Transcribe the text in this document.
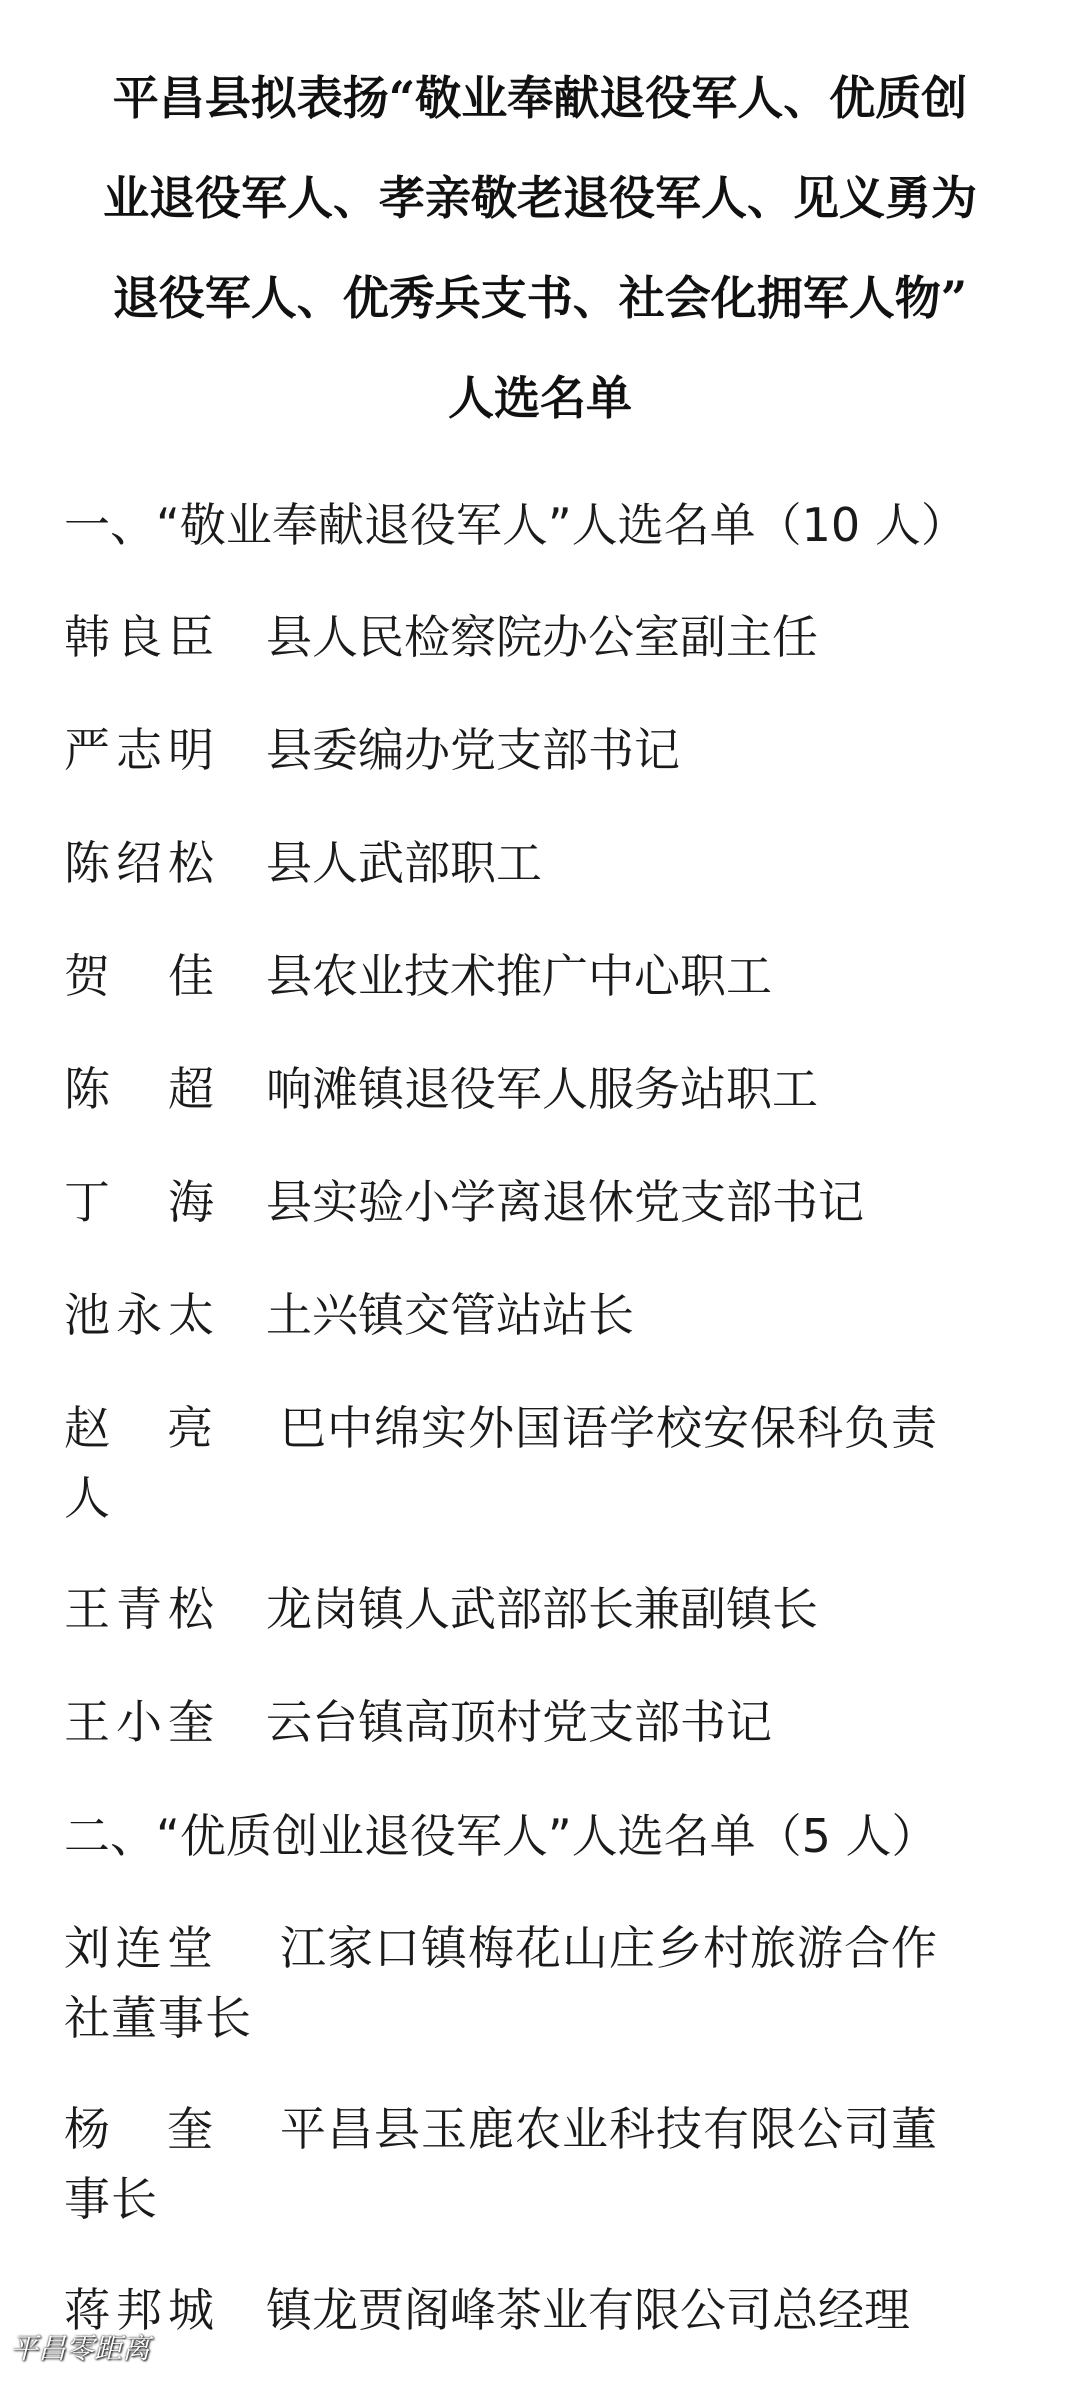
平昌县拟表扬“敬业奉献退役军人、优质创
业退役军人、孝亲敬老退役军人、见义勇为
退役军人、优秀兵支书、社会化拥军人物”
人选名单

一、“敬业奉献退役军人”人选名单（10 人）

韩良臣 县人民检察院办公室副主任
严志明 县委编办党支部书记
陈绍松 县人武部职工
贺佳 县农业技术推广中心职工
陈超 响滩镇退役军人服务站职工
丁海 县实验小学离退休党支部书记
池永太 土兴镇交管站站长
赵亮 巴中绵实外国语学校安保科负责
人
王青松 龙岗镇人武部部长兼副镇长
王小奎 云台镇高顶村党支部书记

二、“优质创业退役军人”人选名单（5 人）

刘连堂 江家口镇梅花山庄乡村旅游合作
社董事长
杨奎 平昌县玉鹿农业科技有限公司董
事长
蒋邦城 镇龙贾阁峰茶业有限公司总经理
平昌零距离
